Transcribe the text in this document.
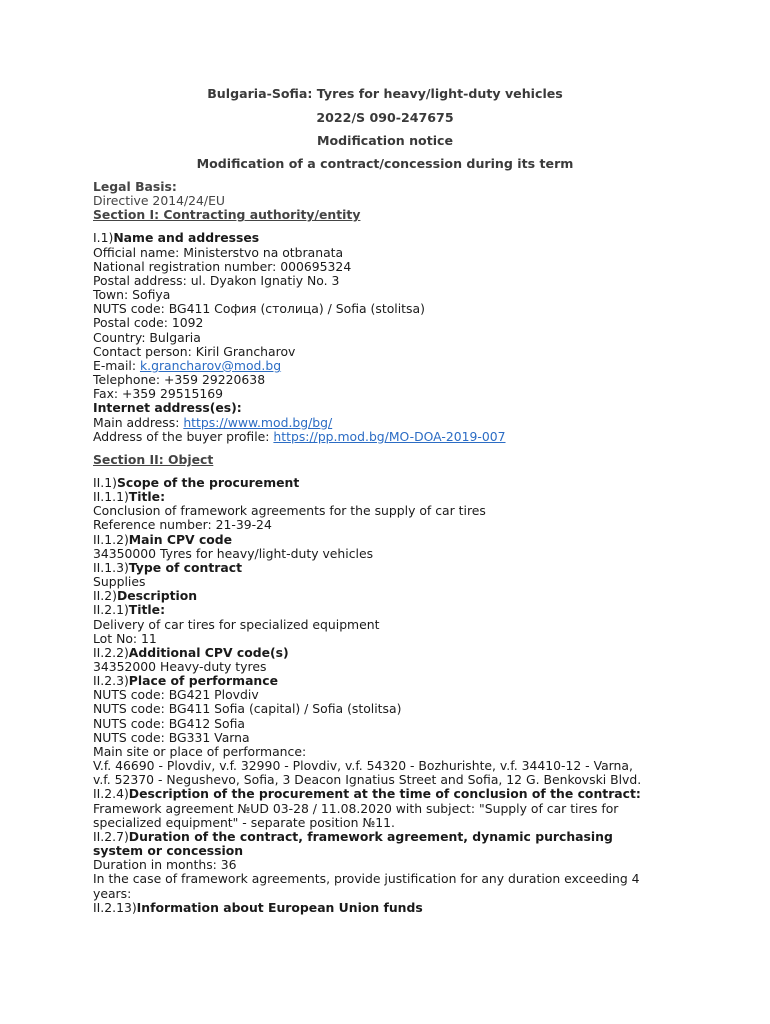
Bulgaria-Sofia: Tyres for heavy/light-duty vehicles
2022/S 090-247675
Modification notice
Modification of a contract/concession during its term
Legal Basis:
Directive 2014/24/EU
Section I: Contracting authority/entity
I.1)Name and addresses
Official name: Ministerstvo na otbranata
National registration number: 000695324
Postal address: ul. Dyakon Ignatiy No. 3
Town: Sofiya
NUTS code: BG411 София (столица) / Sofia (stolitsa)
Postal code: 1092
Country: Bulgaria
Contact person: Kiril Grancharov
E-mail: k.grancharov@mod.bg
Telephone: +359 29220638
Fax: +359 29515169
Internet address(es):
Main address: https://www.mod.bg/bg/
Address of the buyer profile: https://pp.mod.bg/MO-DOA-2019-007
Section II: Object
II.1)Scope of the procurement
II.1.1)Title:
Conclusion of framework agreements for the supply of car tires
Reference number: 21-39-24
II.1.2)Main CPV code
34350000 Tyres for heavy/light-duty vehicles
II.1.3)Type of contract
Supplies
II.2)Description
II.2.1)Title:
Delivery of car tires for specialized equipment
Lot No: 11
II.2.2)Additional CPV code(s)
34352000 Heavy-duty tyres
II.2.3)Place of performance
NUTS code: BG421 Plovdiv
NUTS code: BG411 Sofia (capital) / Sofia (stolitsa)
NUTS code: BG412 Sofia
NUTS code: BG331 Varna
Main site or place of performance:
V.f. 46690 - Plovdiv, v.f. 32990 - Plovdiv, v.f. 54320 - Bozhurishte, v.f. 34410-12 - Varna,
v.f. 52370 - Negushevo, Sofia, 3 Deacon Ignatius Street and Sofia, 12 G. Benkovski Blvd.
II.2.4)Description of the procurement at the time of conclusion of the contract:
Framework agreement №UD 03-28 / 11.08.2020 with subject: "Supply of car tires for
specialized equipment" - separate position №11.
II.2.7)Duration of the contract, framework agreement, dynamic purchasing
system or concession
Duration in months: 36
In the case of framework agreements, provide justification for any duration exceeding 4
years:
II.2.13)Information about European Union funds
